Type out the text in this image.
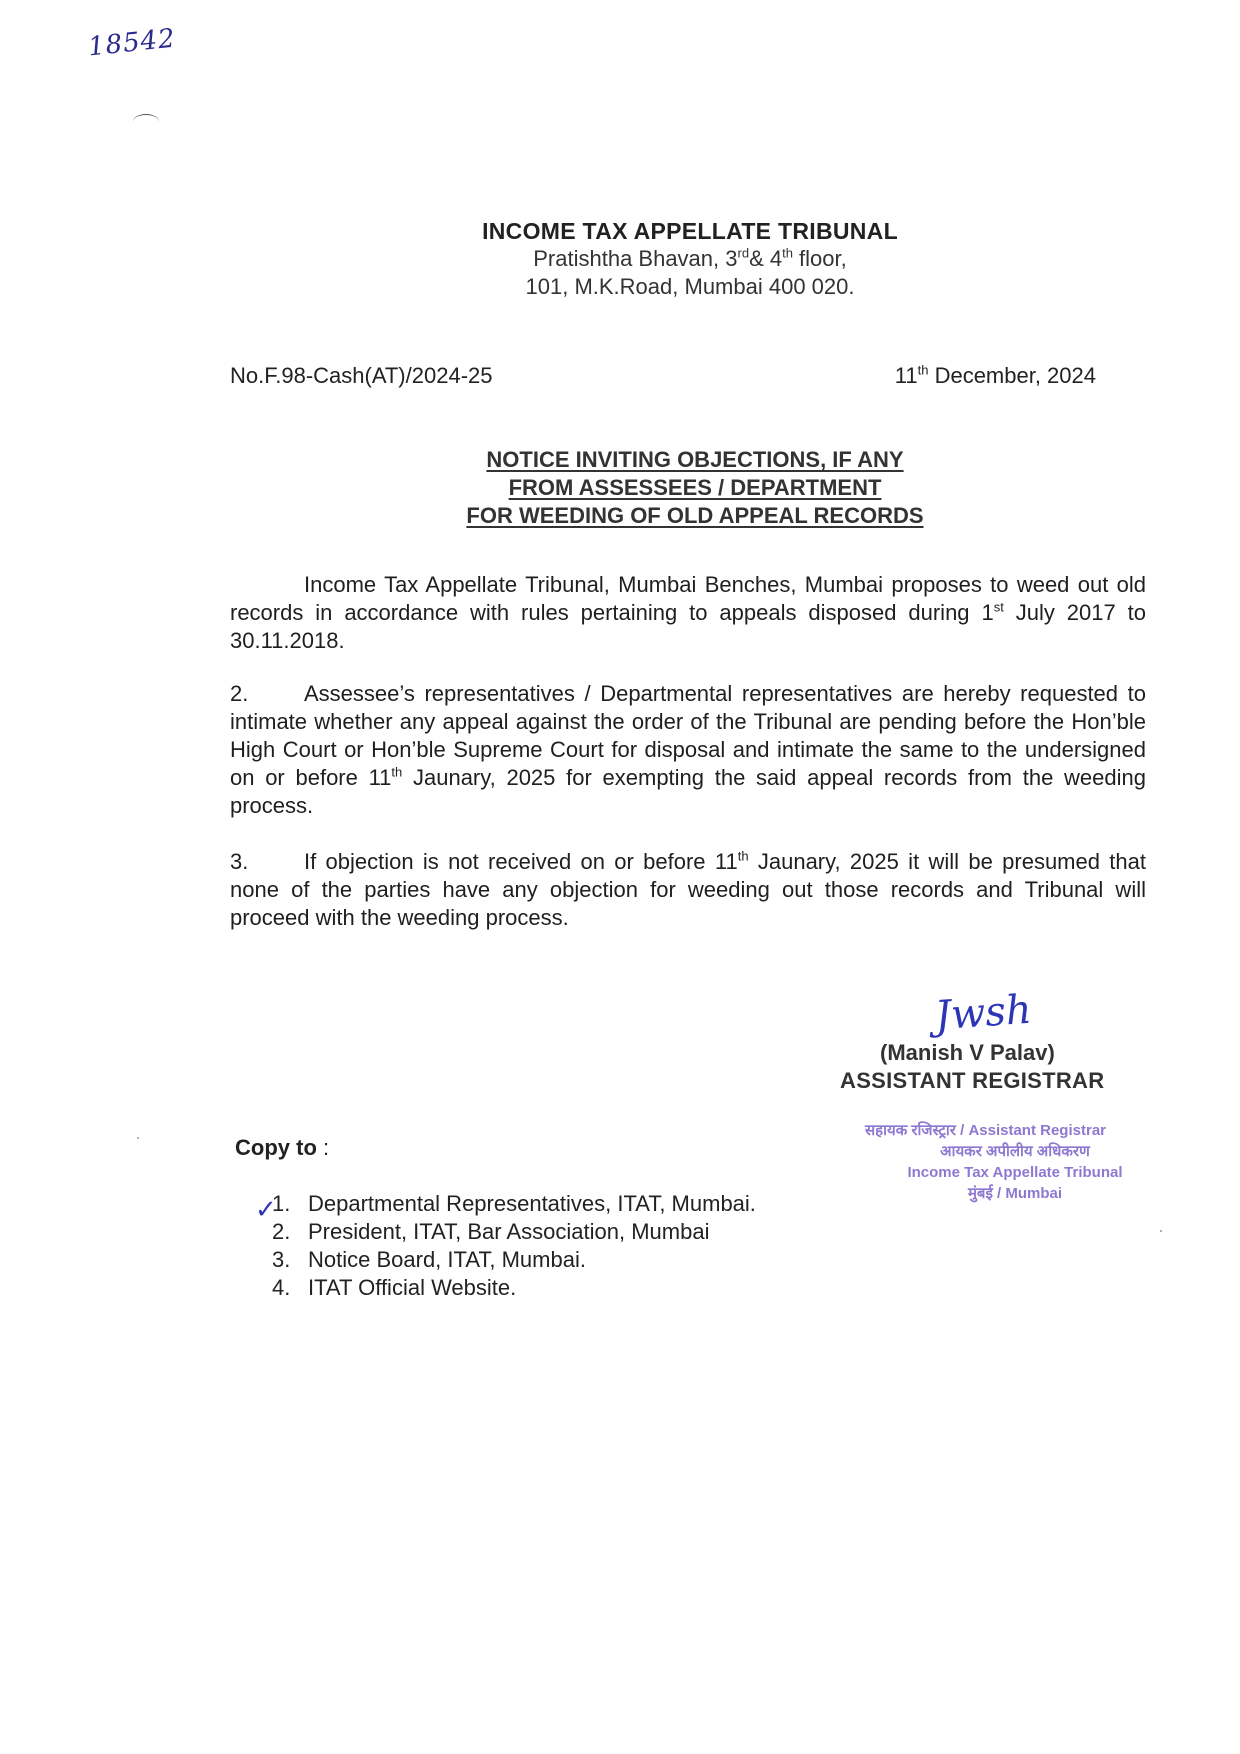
18542
INCOME TAX APPELLATE TRIBUNAL
Pratishtha Bhavan, 3rd& 4th floor,
101, M.K.Road, Mumbai 400 020.
No.F.98-Cash(AT)/2024-25	11th December, 2024
NOTICE INVITING OBJECTIONS, IF ANY
FROM ASSESSEES / DEPARTMENT
FOR WEEDING OF OLD APPEAL RECORDS
Income Tax Appellate Tribunal, Mumbai Benches, Mumbai proposes to weed out old records in accordance with rules pertaining to appeals disposed during 1st July 2017 to 30.11.2018.
2.	Assessee’s representatives / Departmental representatives are hereby requested to intimate whether any appeal against the order of the Tribunal are pending before the Hon’ble High Court or Hon’ble Supreme Court for disposal and intimate the same to the undersigned on or before 11th Jaunary, 2025 for exempting the said appeal records from the weeding process.
3.	If objection is not received on or before 11th Jaunary, 2025 it will be presumed that none of the parties have any objection for weeding out those records and Tribunal will proceed with the weeding process.
Jwsh
(Manish V Palav)
ASSISTANT REGISTRAR
सहायक रजिस्ट्रार / Assistant Registrar
आयकर अपीलीय अधिकरण
Income Tax Appellate Tribunal
मुंबई / Mumbai
Copy to :
✓
1. Departmental Representatives, ITAT, Mumbai.
2. President, ITAT, Bar Association, Mumbai
3. Notice Board, ITAT, Mumbai.
4. ITAT Official Website.
